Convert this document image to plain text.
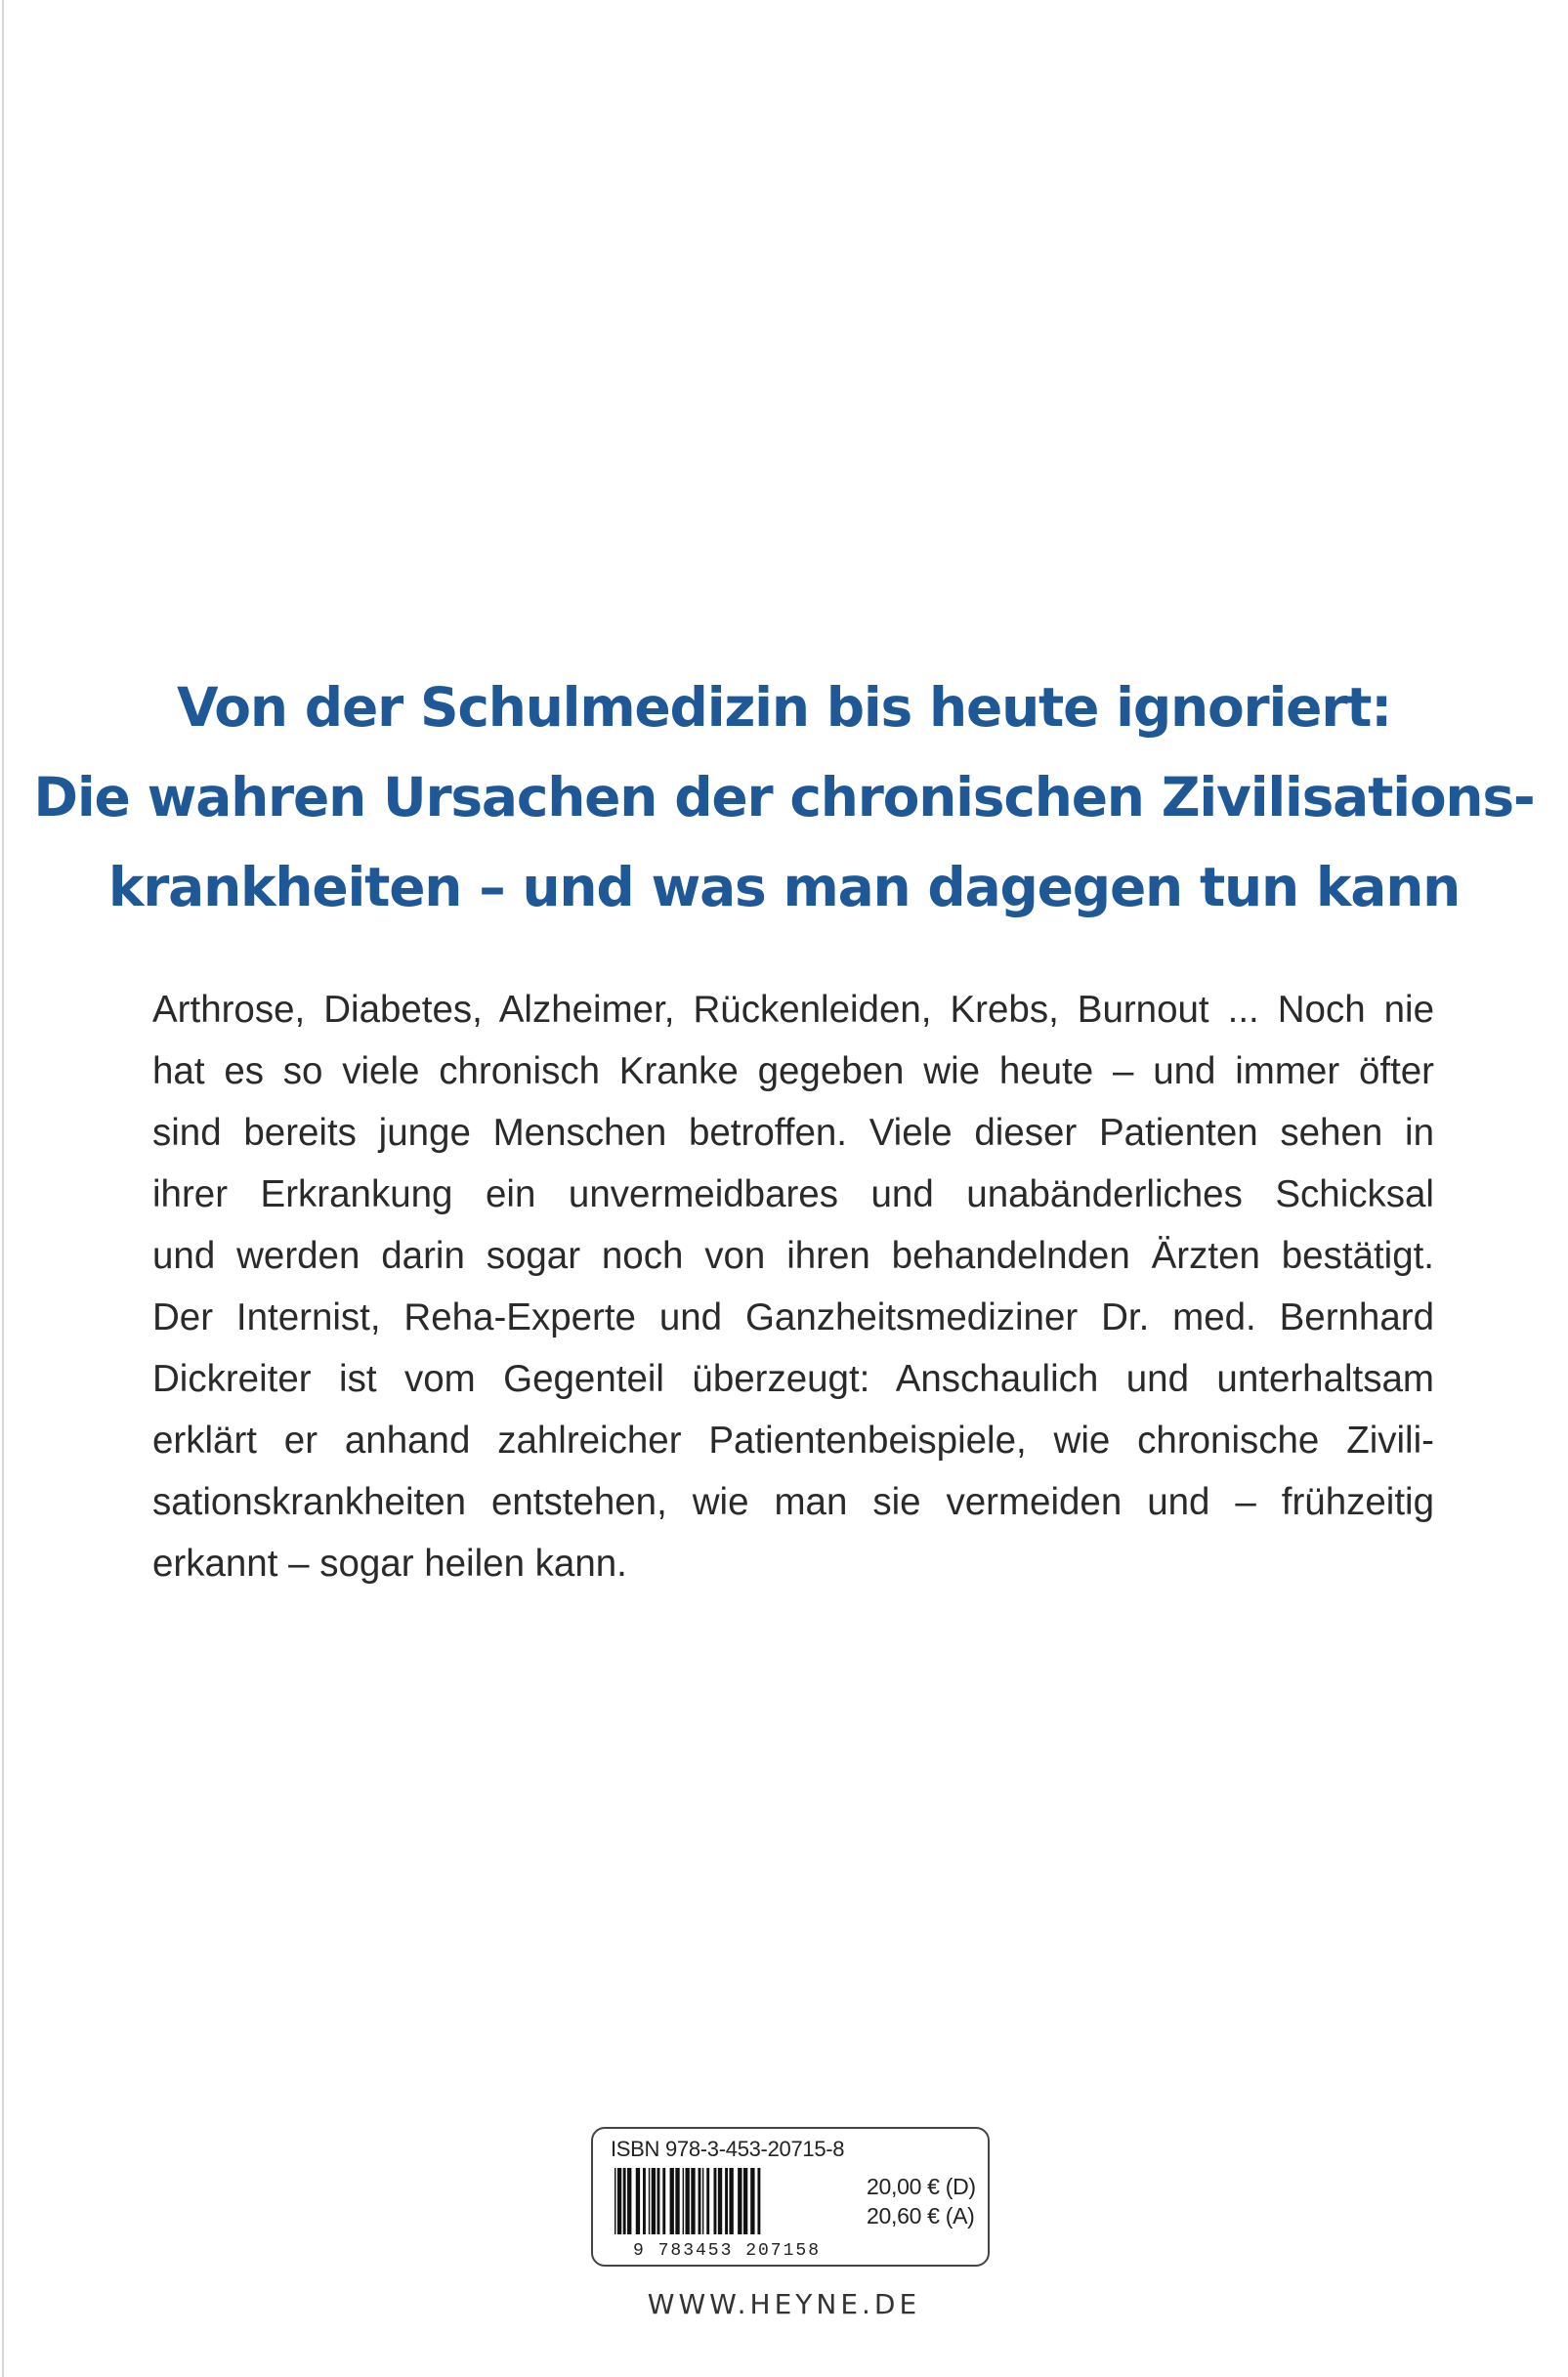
Von der Schulmedizin bis heute ignoriert:
Die wahren Ursachen der chronischen Zivilisations-
krankheiten – und was man dagegen tun kann
Arthrose, Diabetes, Alzheimer, Rückenleiden, Krebs, Burnout ... Noch nie
hat es so viele chronisch Kranke gegeben wie heute – und immer öfter
sind bereits junge Menschen betroffen. Viele dieser Patienten sehen in
ihrer Erkrankung ein unvermeidbares und unabänderliches Schicksal
und werden darin sogar noch von ihren behandelnden Ärzten bestätigt.
Der Internist, Reha-Experte und Ganzheitsmediziner Dr. med. Bernhard
Dickreiter ist vom Gegenteil überzeugt: Anschaulich und unterhaltsam
erklärt er anhand zahlreicher Patientenbeispiele, wie chronische Zivili-
sationskrankheiten entstehen, wie man sie vermeiden und – frühzeitig
erkannt – sogar heilen kann.
ISBN 978-3-453-20715-8
9 783453 207158
20,00 € (D)
20,60 € (A)
WWW.HEYNE.DE
